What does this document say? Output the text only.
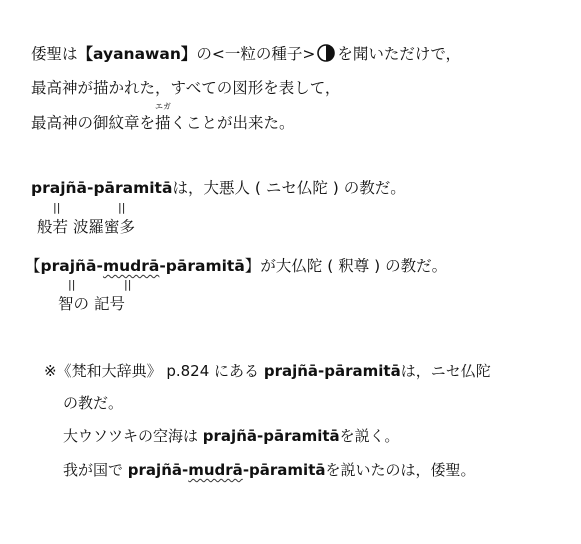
倭聖は【ayanawan】の<一粒の種子> を聞いただけで，
最高神が描かれた，すべての図形を表して，
最高神の御紋章を
エガ
描くことが出来た。
prajñā-pāramitāは，大悪人 ( ニセ仏陀 ) の教だ。
||	||
般若 波羅蜜多
【prajñā-mudrā-pāramitā】が大仏陀 ( 釈尊 ) の教だ。
||	||
智の 記号
※《梵和大辞典》 p.824 にある prajñā-pāramitāは，ニセ仏陀
の教だ。
大ウソツキの空海は prajñā-pāramitāを説く。
我が国で prajñā-mudrā-pāramitāを説いたのは，倭聖。
